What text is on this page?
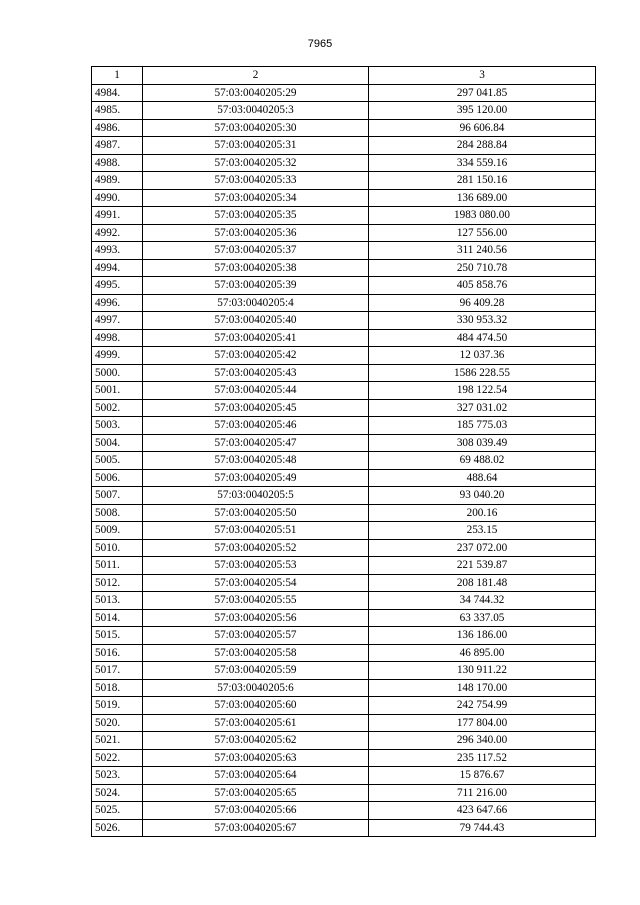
7965
1	2	3
4984.	57:03:0040205:29	297 041.85
4985.	57:03:0040205:3	395 120.00
4986.	57:03:0040205:30	96 606.84
4987.	57:03:0040205:31	284 288.84
4988.	57:03:0040205:32	334 559.16
4989.	57:03:0040205:33	281 150.16
4990.	57:03:0040205:34	136 689.00
4991.	57:03:0040205:35	1983 080.00
4992.	57:03:0040205:36	127 556.00
4993.	57:03:0040205:37	311 240.56
4994.	57:03:0040205:38	250 710.78
4995.	57:03:0040205:39	405 858.76
4996.	57:03:0040205:4	96 409.28
4997.	57:03:0040205:40	330 953.32
4998.	57:03:0040205:41	484 474.50
4999.	57:03:0040205:42	12 037.36
5000.	57:03:0040205:43	1586 228.55
5001.	57:03:0040205:44	198 122.54
5002.	57:03:0040205:45	327 031.02
5003.	57:03:0040205:46	185 775.03
5004.	57:03:0040205:47	308 039.49
5005.	57:03:0040205:48	69 488.02
5006.	57:03:0040205:49	488.64
5007.	57:03:0040205:5	93 040.20
5008.	57:03:0040205:50	200.16
5009.	57:03:0040205:51	253.15
5010.	57:03:0040205:52	237 072.00
5011.	57:03:0040205:53	221 539.87
5012.	57:03:0040205:54	208 181.48
5013.	57:03:0040205:55	34 744.32
5014.	57:03:0040205:56	63 337.05
5015.	57:03:0040205:57	136 186.00
5016.	57:03:0040205:58	46 895.00
5017.	57:03:0040205:59	130 911.22
5018.	57:03:0040205:6	148 170.00
5019.	57:03:0040205:60	242 754.99
5020.	57:03:0040205:61	177 804.00
5021.	57:03:0040205:62	296 340.00
5022.	57:03:0040205:63	235 117.52
5023.	57:03:0040205:64	15 876.67
5024.	57:03:0040205:65	711 216.00
5025.	57:03:0040205:66	423 647.66
5026.	57:03:0040205:67	79 744.43
